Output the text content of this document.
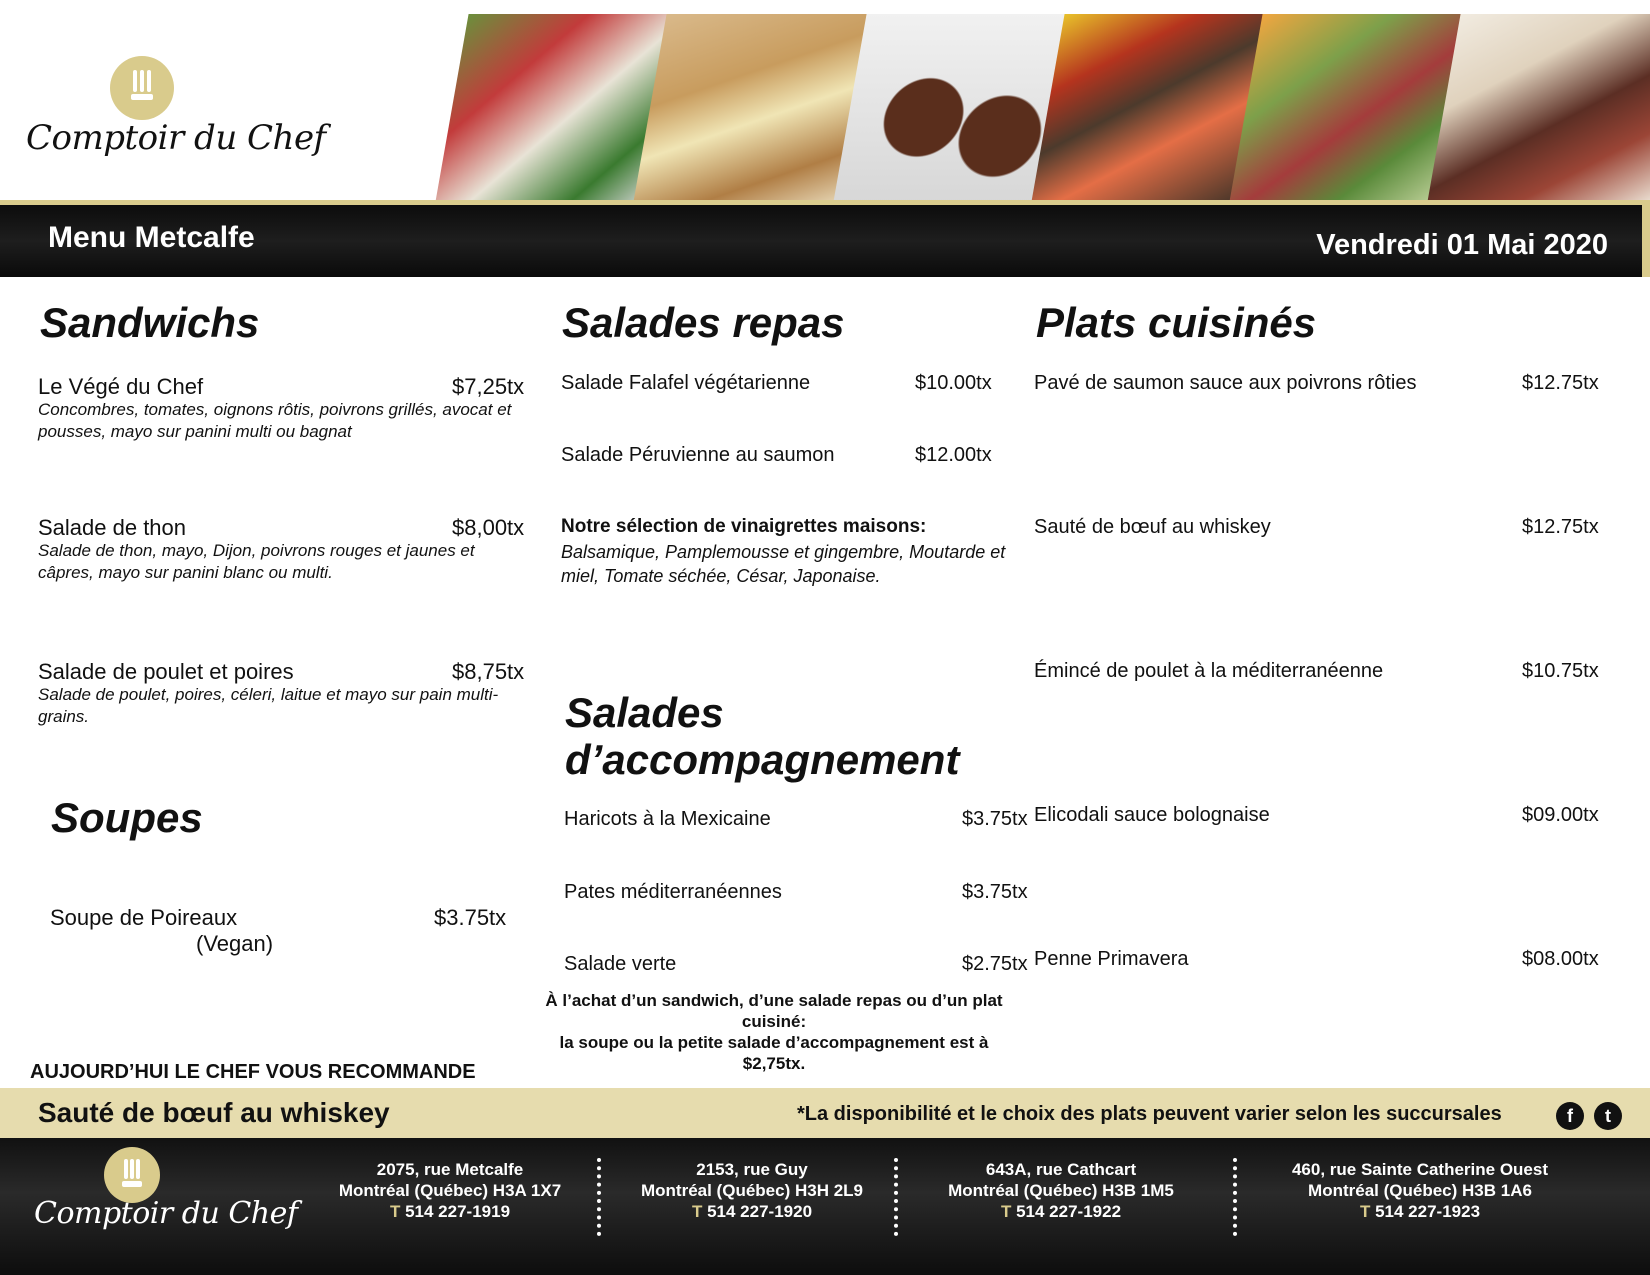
Comptoir du Chef
Menu Metcalfe	Vendredi 01 Mai 2020
Sandwichs
Le Végé du Chef	$7,25tx
Concombres, tomates, oignons rôtis, poivrons grillés, avocat et pousses, mayo sur panini multi ou bagnat
Salade de thon	$8,00tx
Salade de thon, mayo, Dijon, poivrons rouges et jaunes et câpres, mayo sur panini blanc ou multi.
Salade de poulet et poires	$8,75tx
Salade de poulet, poires, céleri, laitue et mayo sur pain multi-grains.
Soupes
Soupe de Poireaux
(Vegan)
$3.75tx
Salades repas
Salade Falafel végétarienne	$10.00tx
Salade Péruvienne au saumon	$12.00tx
Notre sélection de vinaigrettes maisons:
Balsamique, Pamplemousse et gingembre, Moutarde et miel, Tomate séchée, César, Japonaise.
Salades
d’accompagnement
Haricots à la Mexicaine	$3.75tx
Pates méditerranéennes	$3.75tx
Salade verte	$2.75tx
Plats cuisinés
Pavé de saumon sauce aux poivrons rôties	$12.75tx
Sauté de bœuf au whiskey	$12.75tx
Émincé de poulet à la méditerranéenne	$10.75tx
Elicodali sauce bolognaise	$09.00tx
Penne Primavera	$08.00tx
À l’achat d’un sandwich, d’une salade repas ou d’un plat
cuisiné:
la soupe ou la petite salade d’accompagnement est à
$2,75tx.
AUJOURD’HUI LE CHEF VOUS RECOMMANDE
Sauté de bœuf au whiskey	*La disponibilité et le choix des plats peuvent varier selon les succursales	f	t
Comptoir du Chef
2075, rue Metcalfe
Montréal (Québec) H3A 1X7
T 514 227-1919
2153, rue Guy
Montréal (Québec) H3H 2L9
T 514 227-1920
643A, rue Cathcart
Montréal (Québec) H3B 1M5
T 514 227-1922
460, rue Sainte Catherine Ouest
Montréal (Québec) H3B 1A6
T 514 227-1923
